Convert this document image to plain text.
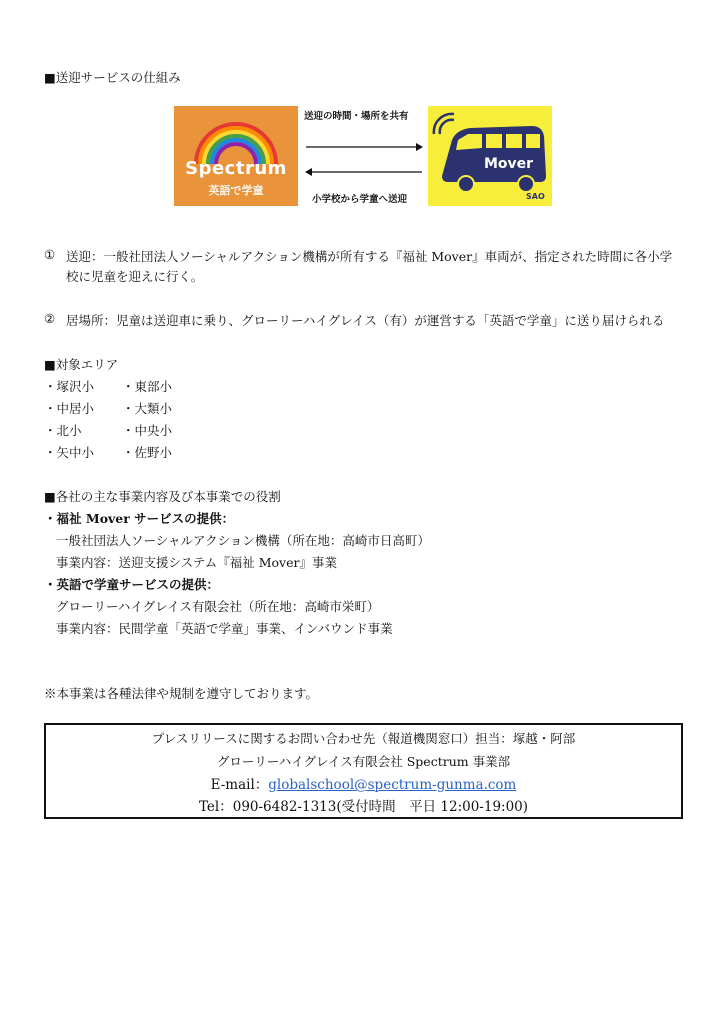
■送迎サービスの仕組み
Spectrum
英語で学童
送迎の時間・場所を共有
小学校から学童へ送迎
Mover
SAO
① 送迎：一般社団法人ソーシャルアクション機構が所有する『福祉 Mover』車両が、指定された時間に各小学
校に児童を迎えに行く。
② 居場所：児童は送迎車に乗り、グローリーハイグレイス（有）が運営する「英語で学童」に送り届けられる
■対象エリア
・塚沢小 ・東部小
・中居小 ・大類小
・北小	・中央小
・矢中小 ・佐野小
■各社の主な事業内容及び本事業での役割
・福祉 Mover サービスの提供：
一般社団法人ソーシャルアクション機構（所在地：高崎市日高町）
事業内容：送迎支援システム『福祉 Mover』事業
・英語で学童サービスの提供：
グローリーハイグレイス有限会社（所在地：高崎市栄町）
事業内容：民間学童「英語で学童」事業、インバウンド事業
※本事業は各種法律や規制を遵守しております。
プレスリリースに関するお問い合わせ先（報道機関窓口）担当：塚越・阿部
グローリーハイグレイス有限会社 Spectrum 事業部
E-mail：globalschool@spectrum-gunma.com
Tel：090-6482-1313(受付時間　平日 12:00-19:00)
